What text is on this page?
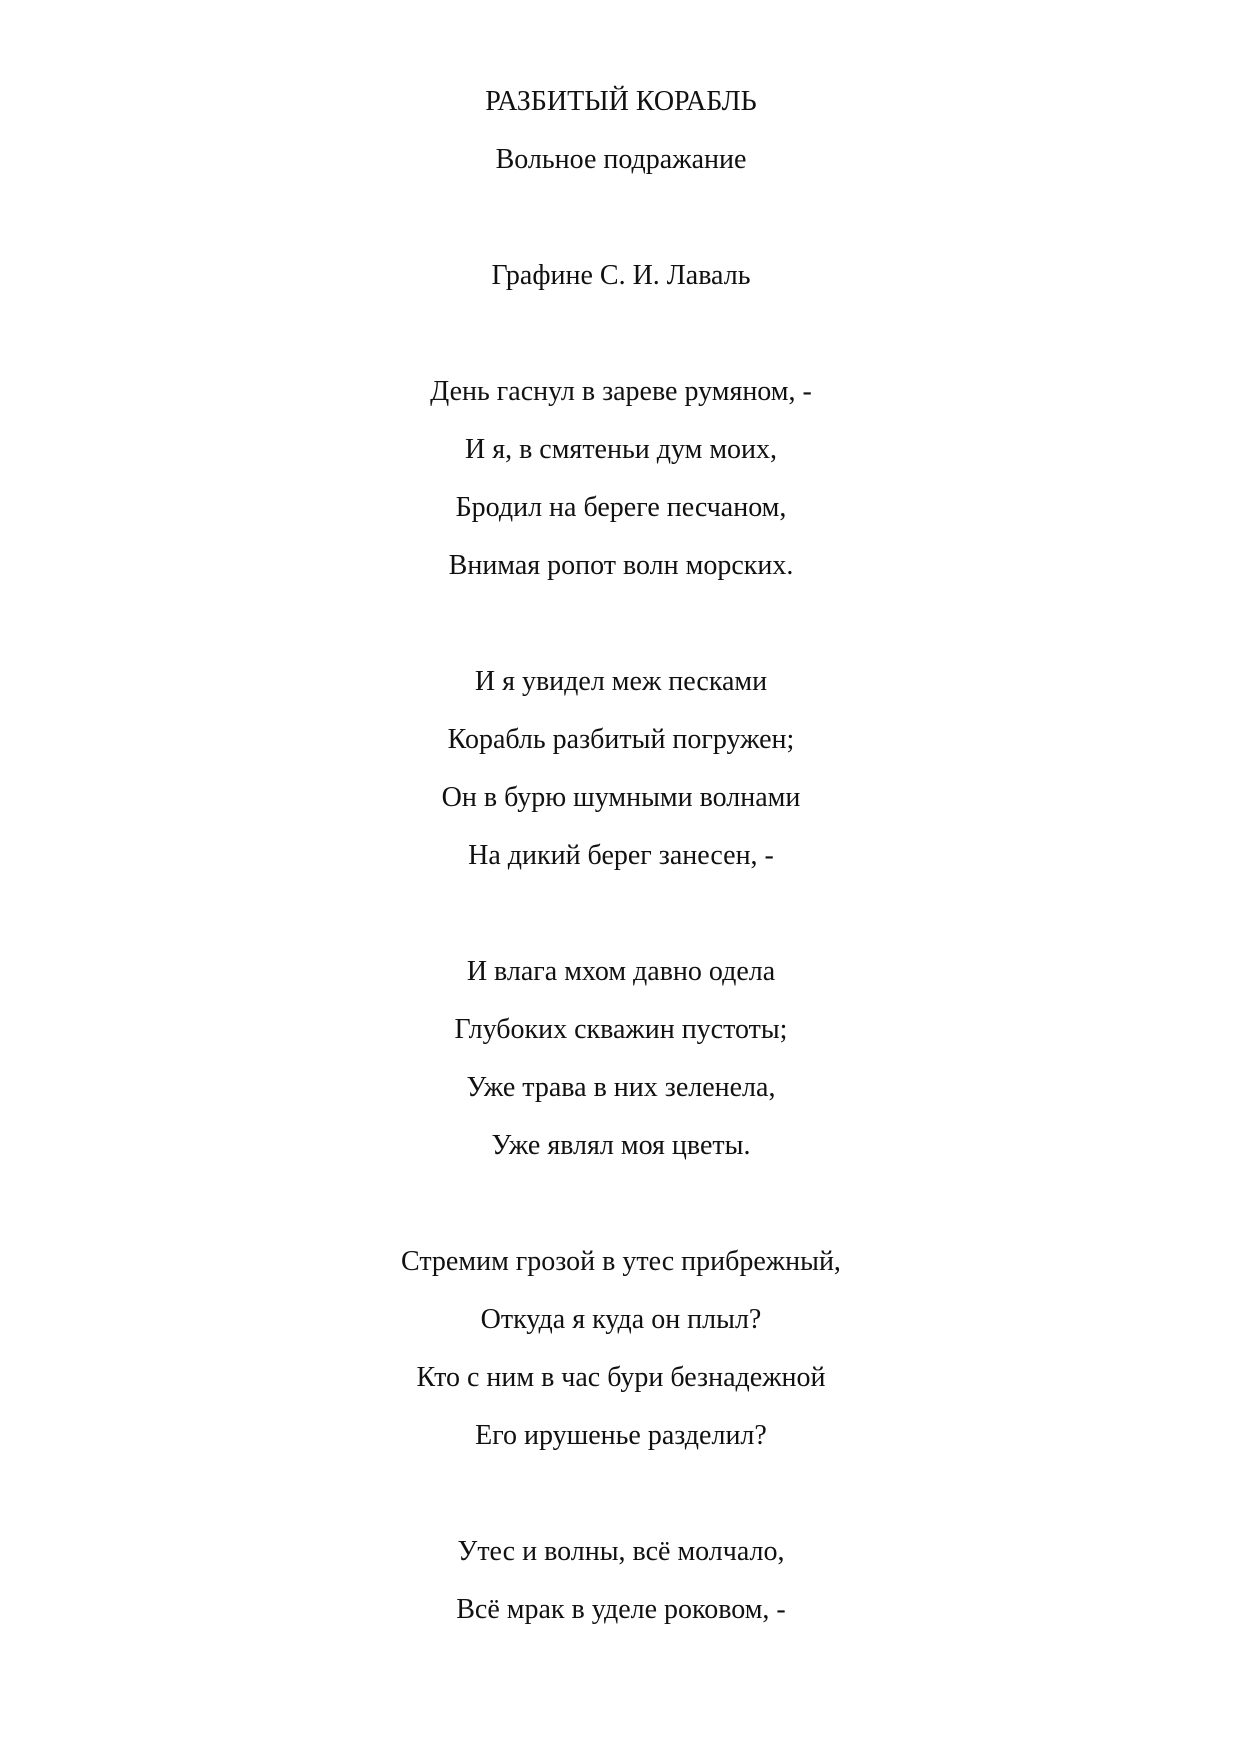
РАЗБИТЫЙ КОРАБЛЬ
Вольное подражание
Графине С. И. Лаваль
День гаснул в зареве румяном, -
И я, в смятеньи дум моих,
Бродил на береге песчаном,
Внимая ропот волн морских.
И я увидел меж песками
Корабль разбитый погружен;
Он в бурю шумными волнами
На дикий берег занесен, -
И влага мхом давно одела
Глубоких скважин пустоты;
Уже трава в них зеленела,
Уже являл моя цветы.
Стремим грозой в утес прибрежный,
Откуда я куда он плыл?
Кто с ним в час бури безнадежной
Его ирушенье разделил?
Утес и волны, всё молчало,
Всё мрак в уделе роковом, -
